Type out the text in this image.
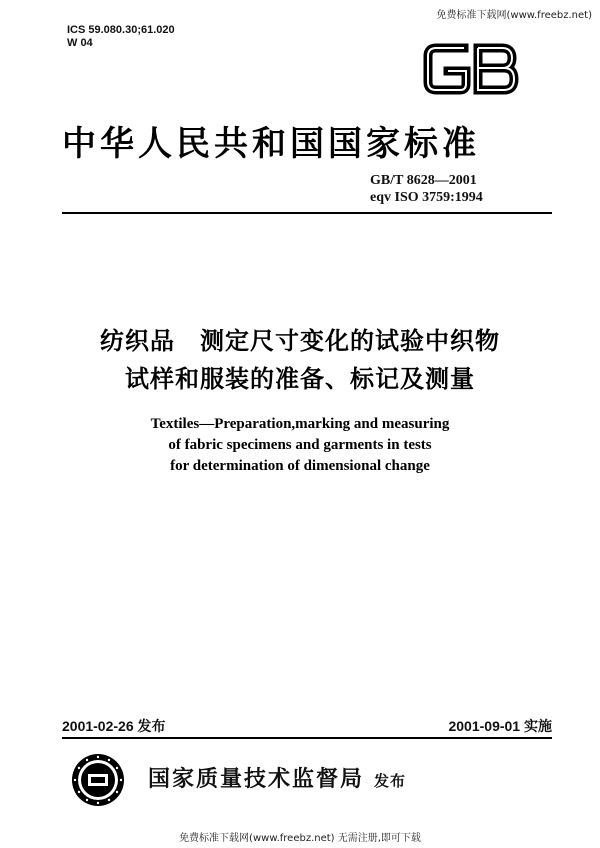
免费标准下载网(www.freebz.net)
ICS 59.080.30;61.020
W 04
中华人民共和国国家标准
GB/T 8628—2001
eqv ISO 3759:1994
纺织品　测定尺寸变化的试验中织物
试样和服装的准备、标记及测量
Textiles—Preparation,marking and measuring
of fabric specimens and garments in tests
for determination of dimensional change
2001-02-26 发布	2001-09-01 实施
国家质量技术监督局 发布
免费标准下载网(www.freebz.net) 无需注册,即可下载
